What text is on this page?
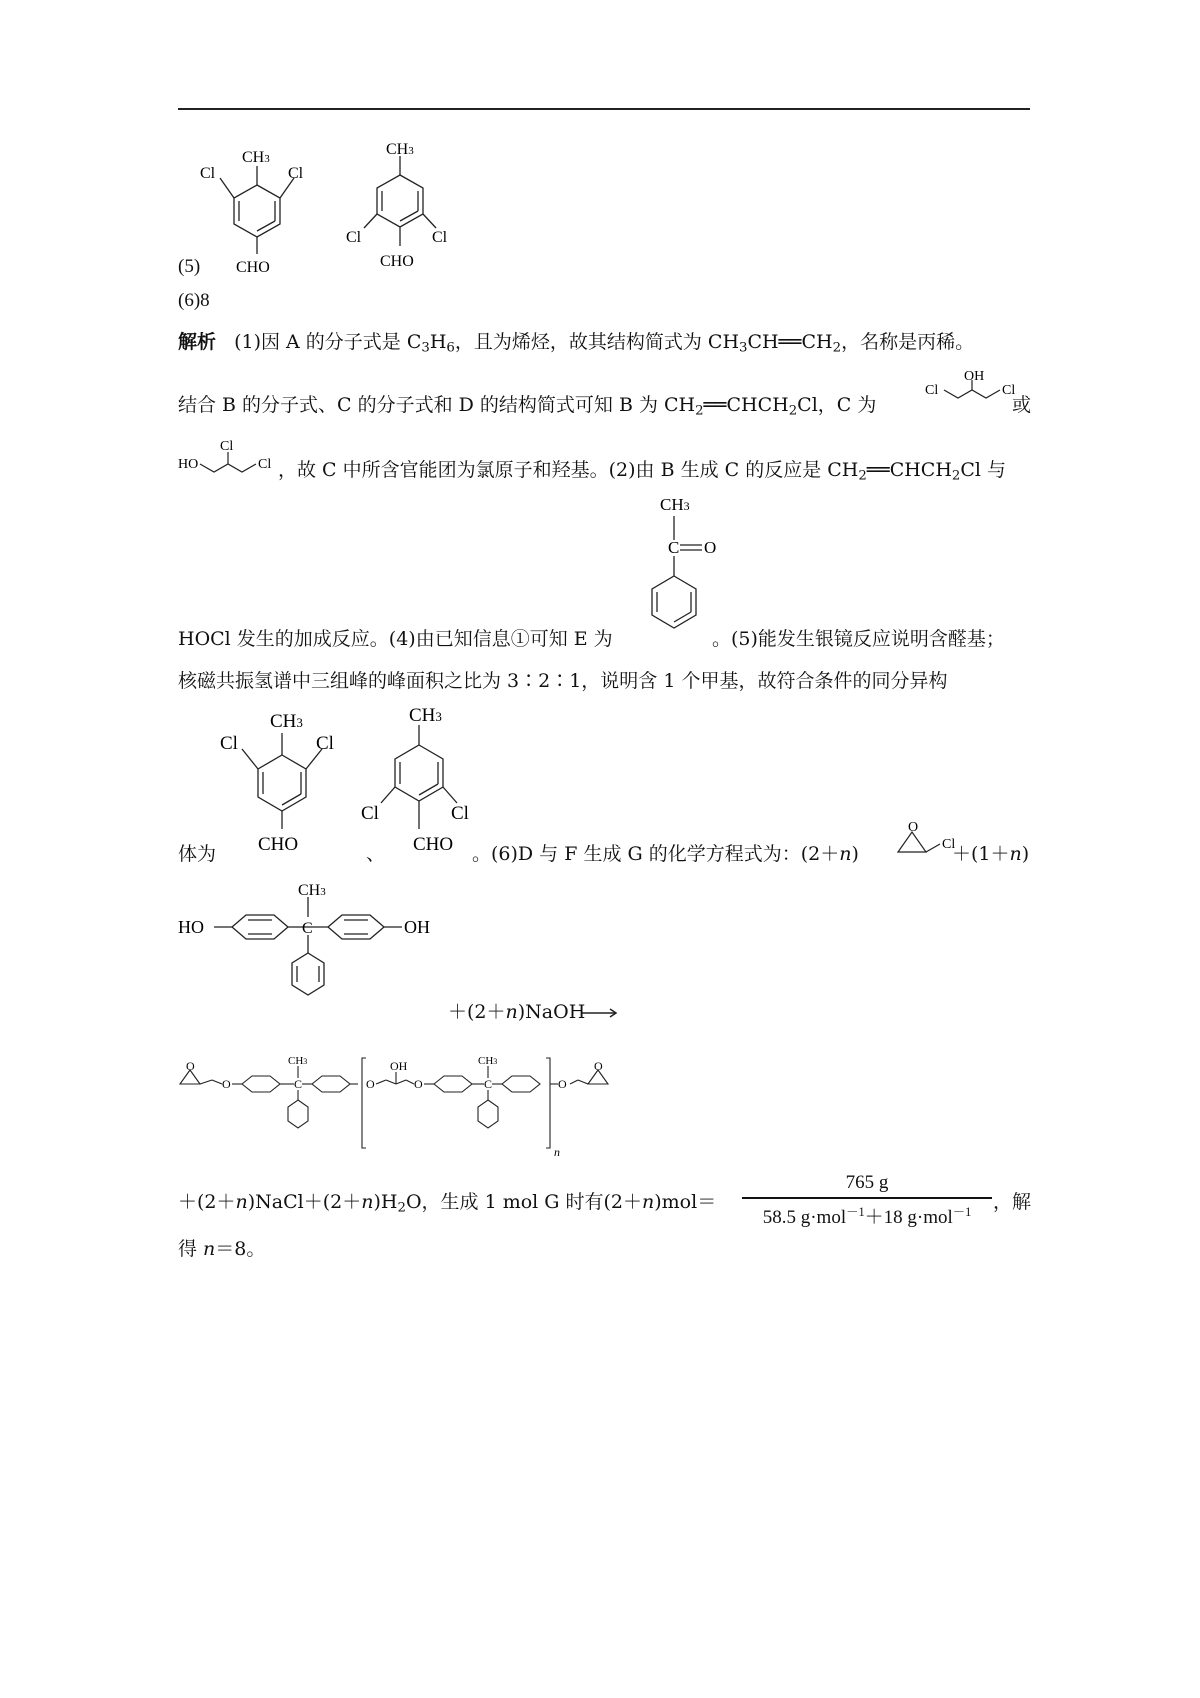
(5)
CH3
Cl	Cl
CHO
CH3
Cl	Cl
CHO
(6)8
解析 (1)因 A 的分子式是 $C_3H_6$，且为烯烃，故其结构简式为 $CH_3CH══CH_2$，名称是丙稀。
结合 B 的分子式、C 的分子式和 D 的结构简式可知 B 为 $CH_2══CHCH_2Cl$，C 为
Cl
OH
Cl
或
HO
Cl
Cl ，故 C 中所含官能团为氯原子和羟基。(2)由 B 生成 C 的反应是 $CH_2══CHCH_2Cl$ 与
HOCl 发生的加成反应。(4)由已知信息①可知 E 为
CH3
C O
。(5)能发生银镜反应说明含醛基；
核磁共振氢谱中三组峰的峰面积之比为 3∶2∶1，说明含 1 个甲基，故符合条件的同分异构
体为
CH3
Cl	Cl
CHO	、
CH3
Cl	Cl
CHO 。(6)D 与 F 生成 G 的化学方程式为：(2＋n)
O
Cl
＋(1＋n)
HO
CH3
C	OH
＋(2＋n)NaOH
O
O
CH3
C	O
OH
O
CH3
C	O
O
n
$+(2+n)NaCl+(2+n)H_2O$，生成 1 mol G 时有(2＋n)mol＝
765 g
58.5 g·mol$^{-1}$＋18 g·mol$^{-1}$	，解
得 n＝8。
